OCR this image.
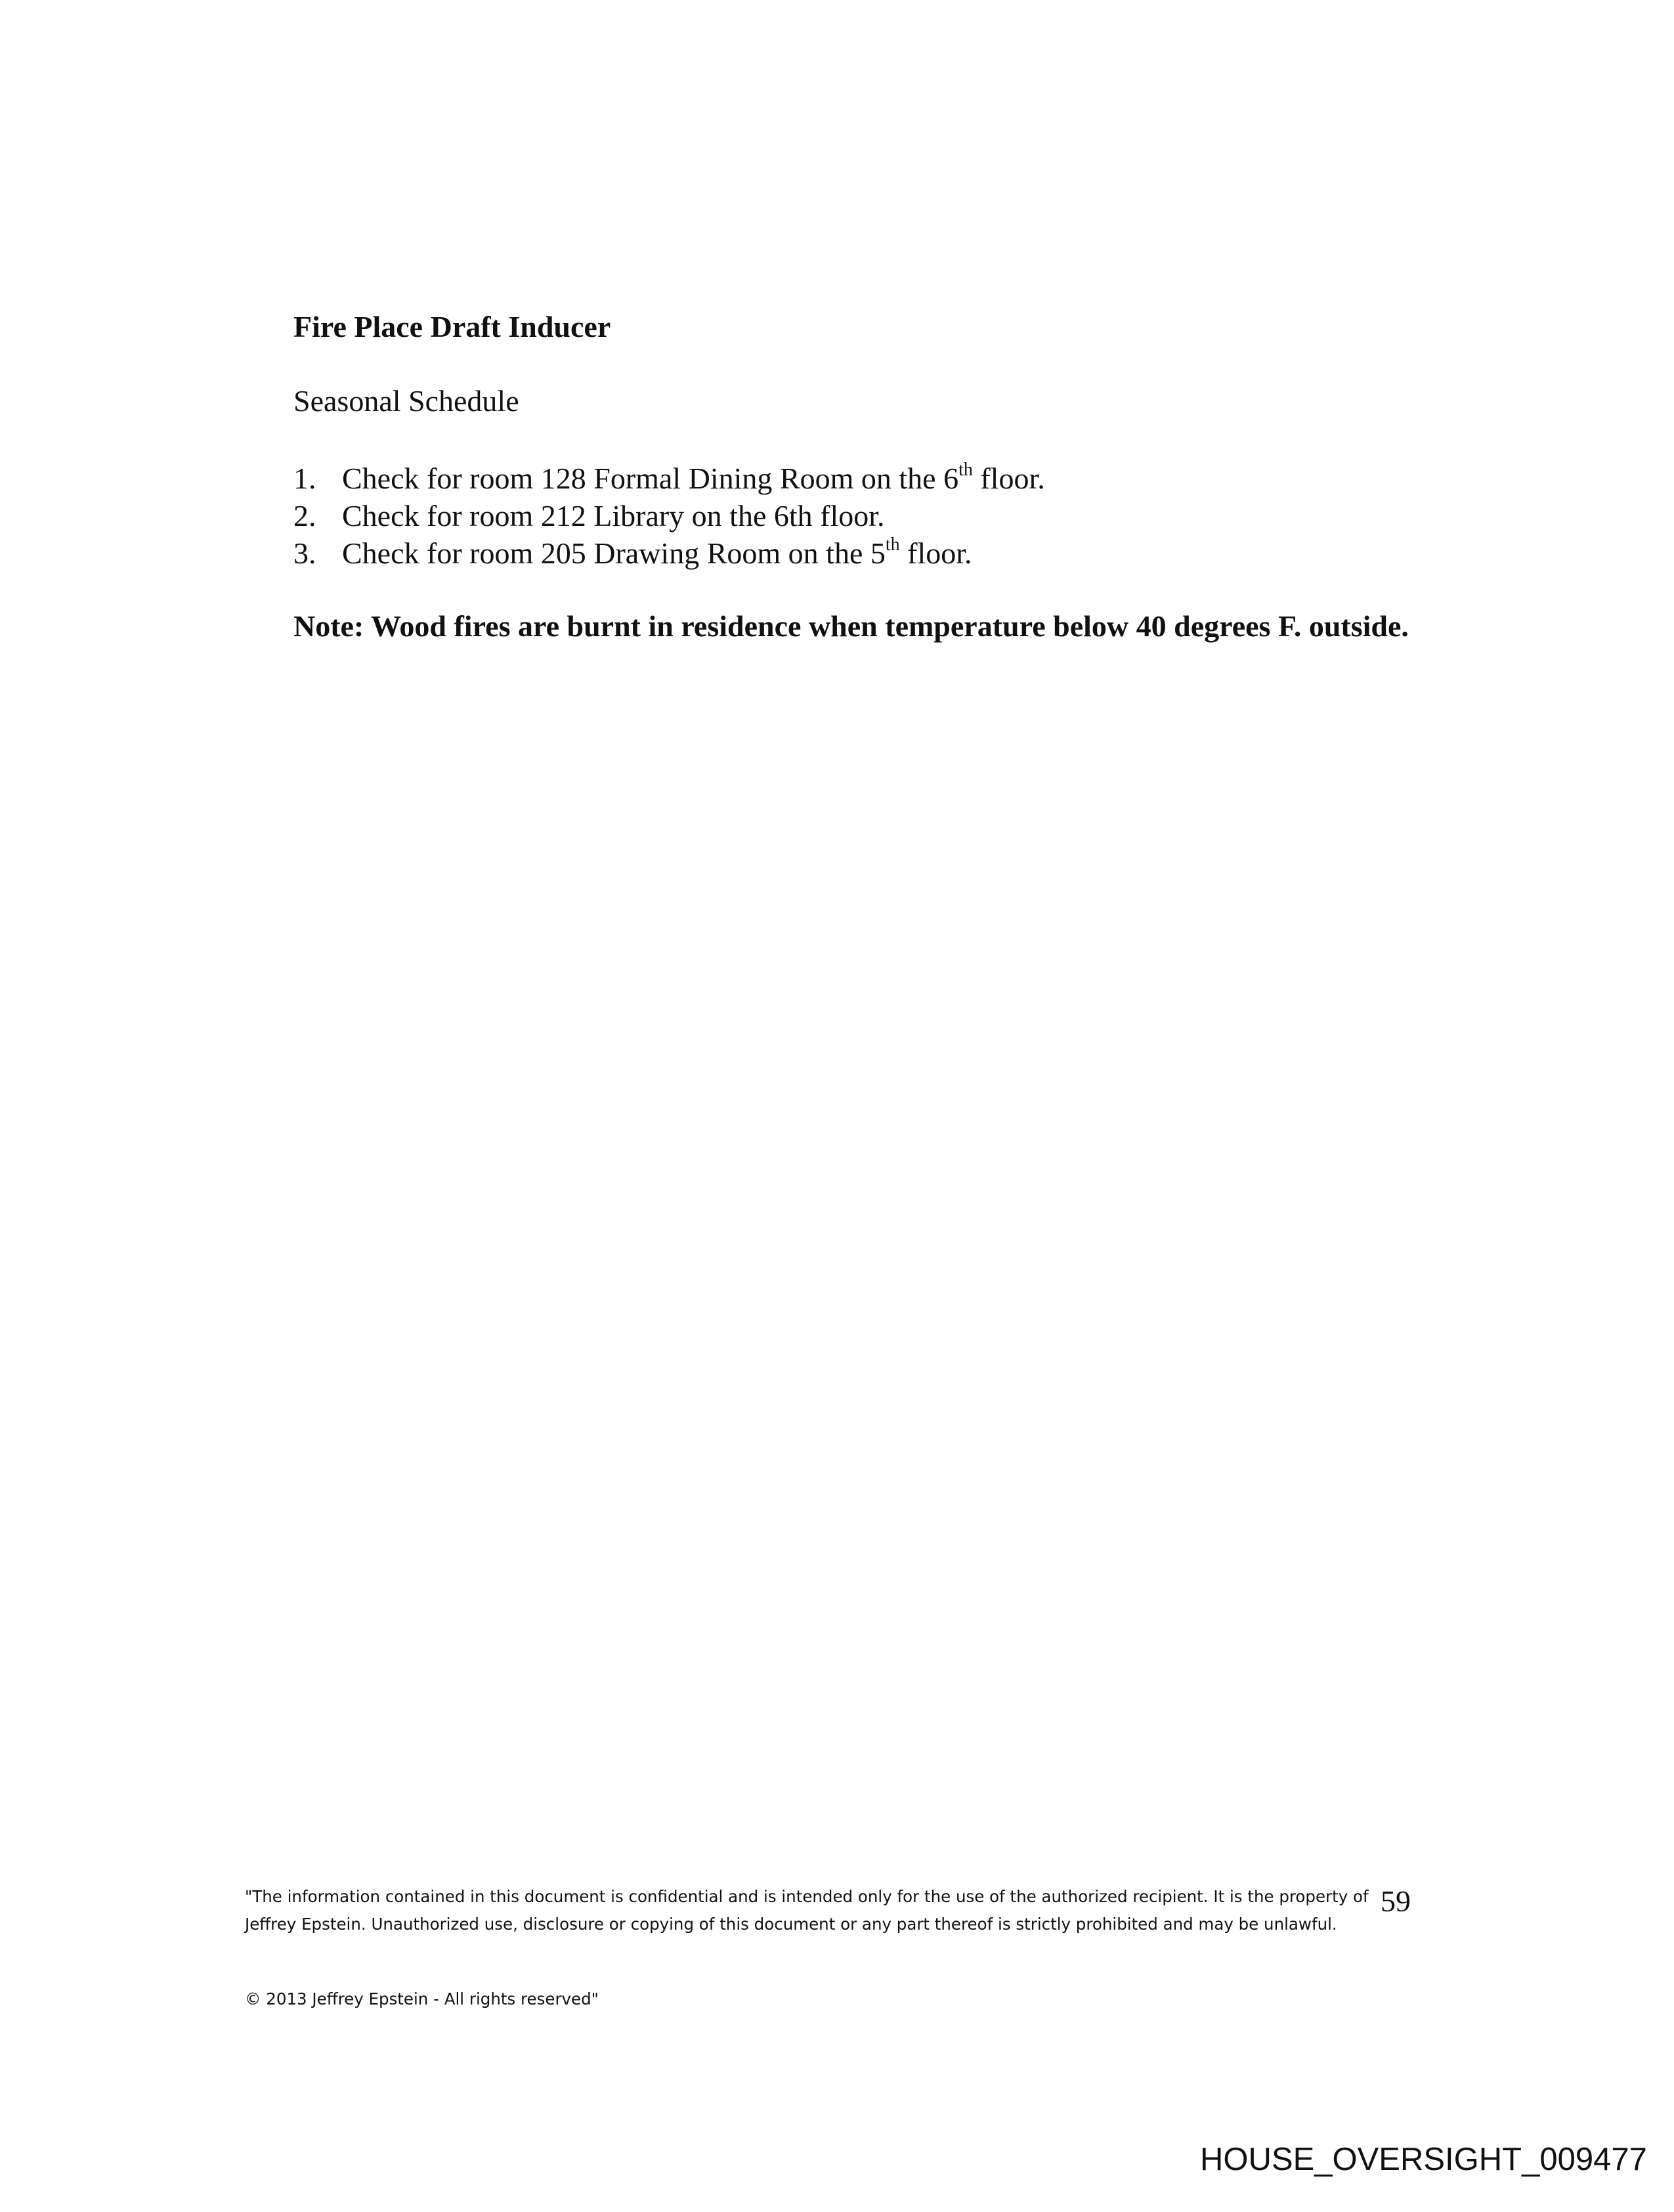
Fire Place Draft Inducer
Seasonal Schedule
1. Check for room 128 Formal Dining Room on the 6th floor.
2. Check for room 212 Library on the 6th floor.
3. Check for room 205 Drawing Room on the 5th floor.
Note: Wood fires are burnt in residence when temperature below 40 degrees F. outside.
"The information contained in this document is confidential and is intended only for the use of the authorized recipient. It is the property of Jeffrey Epstein. Unauthorized use, disclosure or copying of this document or any part thereof is strictly prohibited and may be unlawful.
59
© 2013 Jeffrey Epstein - All rights reserved"
HOUSE_OVERSIGHT_009477
